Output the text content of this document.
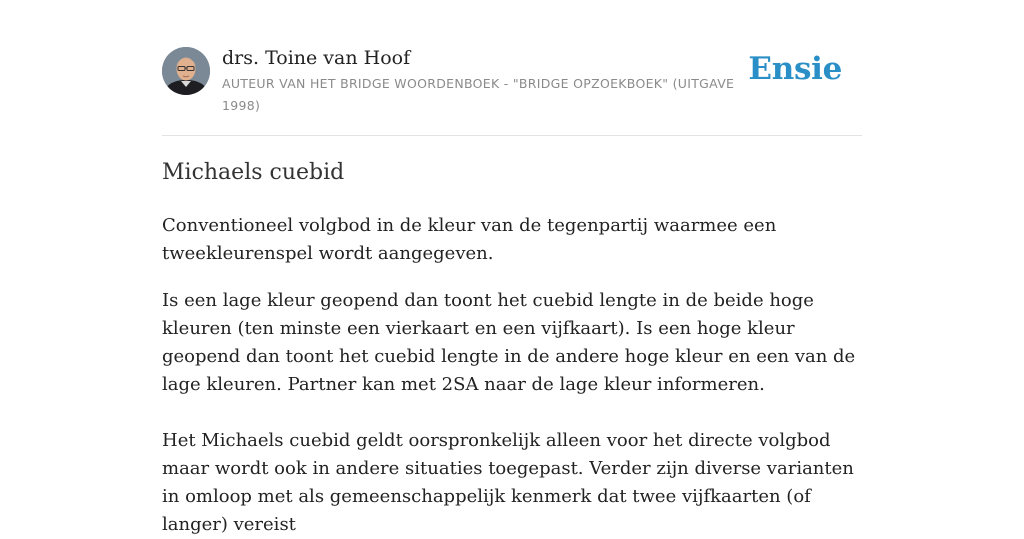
drs. Toine van Hoof
AUTEUR VAN HET BRIDGE WOORDENBOEK - "BRIDGE OPZOEKBOEK" (UITGAVE 1998)
Ensie
Michaels cuebid

Conventioneel volgbod in de kleur van de tegenpartij waarmee een tweekleurenspel wordt aangegeven.

Is een lage kleur geopend dan toont het cuebid lengte in de beide hoge kleuren (ten minste een vierkaart en een vijfkaart). Is een hoge kleur geopend dan toont het cuebid lengte in de andere hoge kleur en een van de lage kleuren. Partner kan met 2SA naar de lage kleur informeren.

Het Michaels cuebid geldt oorspronkelijk alleen voor het directe volgbod maar wordt ook in andere situaties toegepast. Verder zijn diverse varianten in omloop met als gemeenschappelijk kenmerk dat twee vijfkaarten (of langer) vereist
